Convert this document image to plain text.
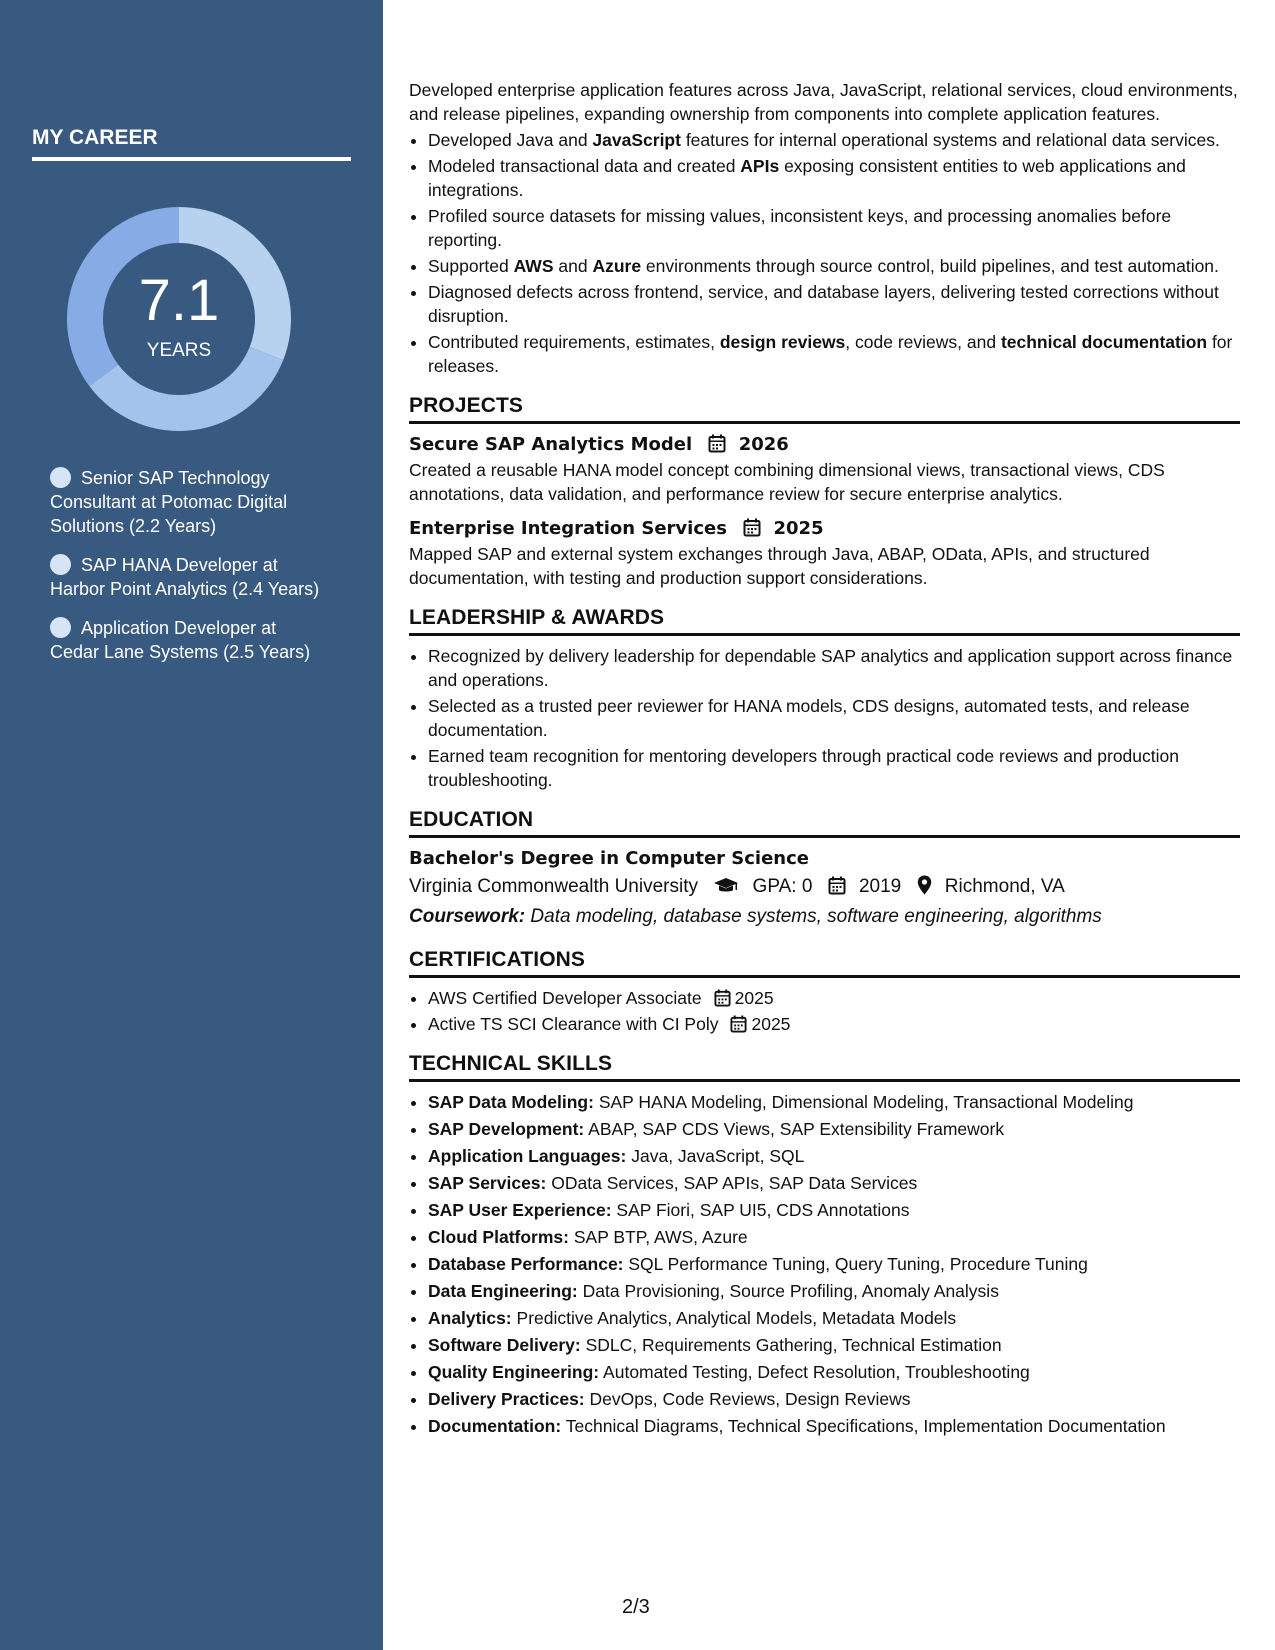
MY CAREER
7.1
YEARS
Senior SAP Technology Consultant at Potomac Digital Solutions (2.2 Years)
SAP HANA Developer at Harbor Point Analytics (2.4 Years)
Application Developer at Cedar Lane Systems (2.5 Years)
Developed enterprise application features across Java, JavaScript, relational services, cloud environments, and release pipelines, expanding ownership from components into complete application features.
• Developed Java and JavaScript features for internal operational systems and relational data services.
• Modeled transactional data and created APIs exposing consistent entities to web applications and integrations.
• Profiled source datasets for missing values, inconsistent keys, and processing anomalies before reporting.
• Supported AWS and Azure environments through source control, build pipelines, and test automation.
• Diagnosed defects across frontend, service, and database layers, delivering tested corrections without disruption.
• Contributed requirements, estimates, design reviews, code reviews, and technical documentation for releases.
PROJECTS
Secure SAP Analytics Model	2026
Created a reusable HANA model concept combining dimensional views, transactional views, CDS annotations, data validation, and performance review for secure enterprise analytics.
Enterprise Integration Services	2025
Mapped SAP and external system exchanges through Java, ABAP, OData, APIs, and structured documentation, with testing and production support considerations.
LEADERSHIP & AWARDS
• Recognized by delivery leadership for dependable SAP analytics and application support across finance and operations.
• Selected as a trusted peer reviewer for HANA models, CDS designs, automated tests, and release documentation.
• Earned team recognition for mentoring developers through practical code reviews and production troubleshooting.
EDUCATION
Bachelor's Degree in Computer Science
Virginia Commonwealth University	GPA: 0 2019 Richmond, VA
Coursework: Data modeling, database systems, software engineering, algorithms
CERTIFICATIONS
• AWS Certified Developer Associate 2025
• Active TS SCI Clearance with CI Poly 2025
TECHNICAL SKILLS
• SAP Data Modeling: SAP HANA Modeling, Dimensional Modeling, Transactional Modeling
• SAP Development: ABAP, SAP CDS Views, SAP Extensibility Framework
• Application Languages: Java, JavaScript, SQL
• SAP Services: OData Services, SAP APIs, SAP Data Services
• SAP User Experience: SAP Fiori, SAP UI5, CDS Annotations
• Cloud Platforms: SAP BTP, AWS, Azure
• Database Performance: SQL Performance Tuning, Query Tuning, Procedure Tuning
• Data Engineering: Data Provisioning, Source Profiling, Anomaly Analysis
• Analytics: Predictive Analytics, Analytical Models, Metadata Models
• Software Delivery: SDLC, Requirements Gathering, Technical Estimation
• Quality Engineering: Automated Testing, Defect Resolution, Troubleshooting
• Delivery Practices: DevOps, Code Reviews, Design Reviews
• Documentation: Technical Diagrams, Technical Specifications, Implementation Documentation
2/3
